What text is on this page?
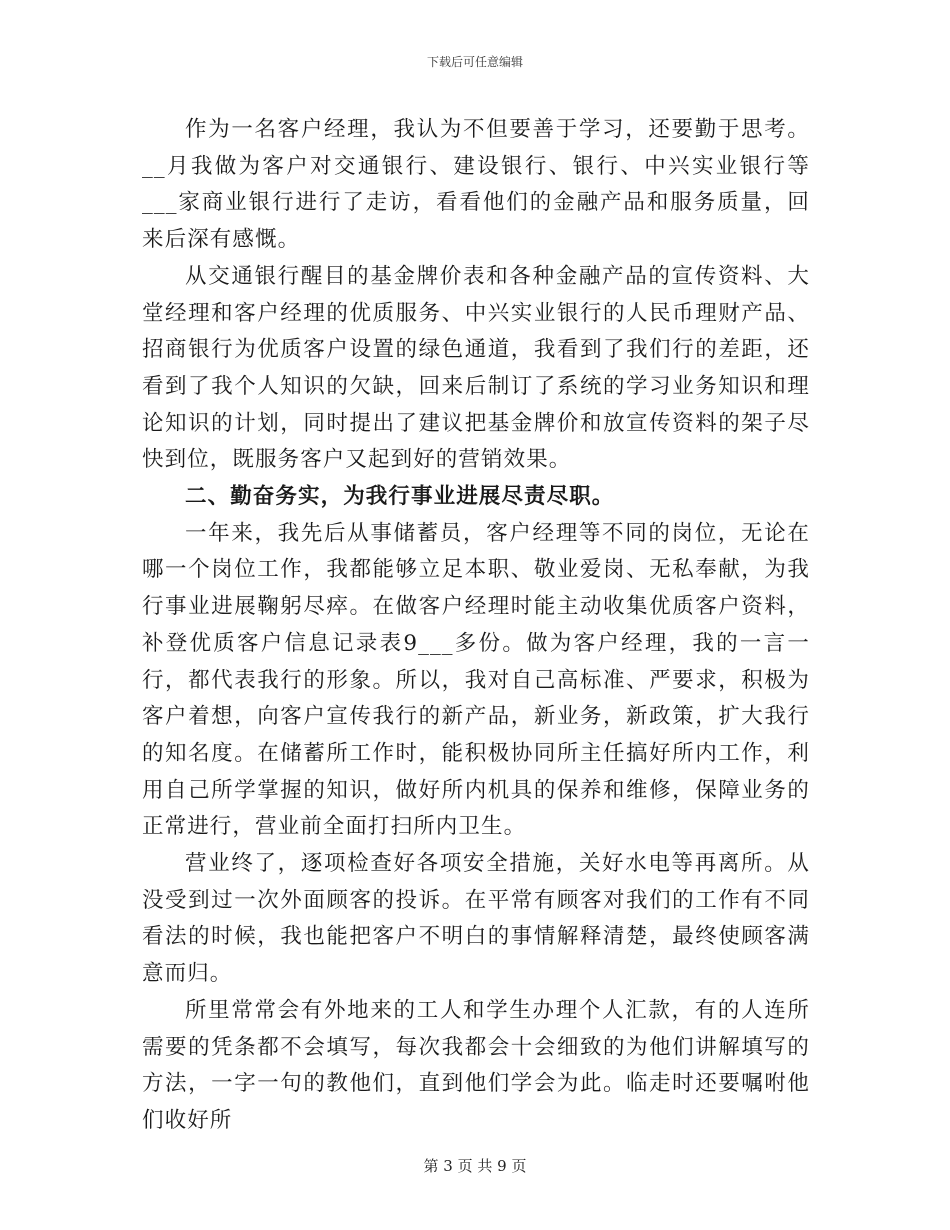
下载后可任意编辑

作为一名客户经理，我认为不但要善于学习，还要勤于思考。__月我做为客户对交通银行、建设银行、银行、中兴实业银行等___家商业银行进行了走访，看看他们的金融产品和服务质量，回来后深有感慨。

从交通银行醒目的基金牌价表和各种金融产品的宣传资料、大堂经理和客户经理的优质服务、中兴实业银行的人民币理财产品、招商银行为优质客户设置的绿色通道，我看到了我们行的差距，还看到了我个人知识的欠缺，回来后制订了系统的学习业务知识和理论知识的计划，同时提出了建议把基金牌价和放宣传资料的架子尽快到位，既服务客户又起到好的营销效果。

二、勤奋务实，为我行事业进展尽责尽职。

一年来，我先后从事储蓄员，客户经理等不同的岗位，无论在哪一个岗位工作，我都能够立足本职、敬业爱岗、无私奉献，为我行事业进展鞠躬尽瘁。在做客户经理时能主动收集优质客户资料，补登优质客户信息记录表9___多份。做为客户经理，我的一言一行，都代表我行的形象。所以，我对自己高标准、严要求，积极为客户着想，向客户宣传我行的新产品，新业务，新政策，扩大我行的知名度。在储蓄所工作时，能积极协同所主任搞好所内工作，利用自己所学掌握的知识，做好所内机具的保养和维修，保障业务的正常进行，营业前全面打扫所内卫生。

营业终了，逐项检查好各项安全措施，关好水电等再离所。从没受到过一次外面顾客的投诉。在平常有顾客对我们的工作有不同看法的时候，我也能把客户不明白的事情解释清楚，最终使顾客满意而归。

所里常常会有外地来的工人和学生办理个人汇款，有的人连所需要的凭条都不会填写，每次我都会十会细致的为他们讲解填写的方法，一字一句的教他们，直到他们学会为此。临走时还要嘱咐他们收好所

第 3 页 共 9 页
